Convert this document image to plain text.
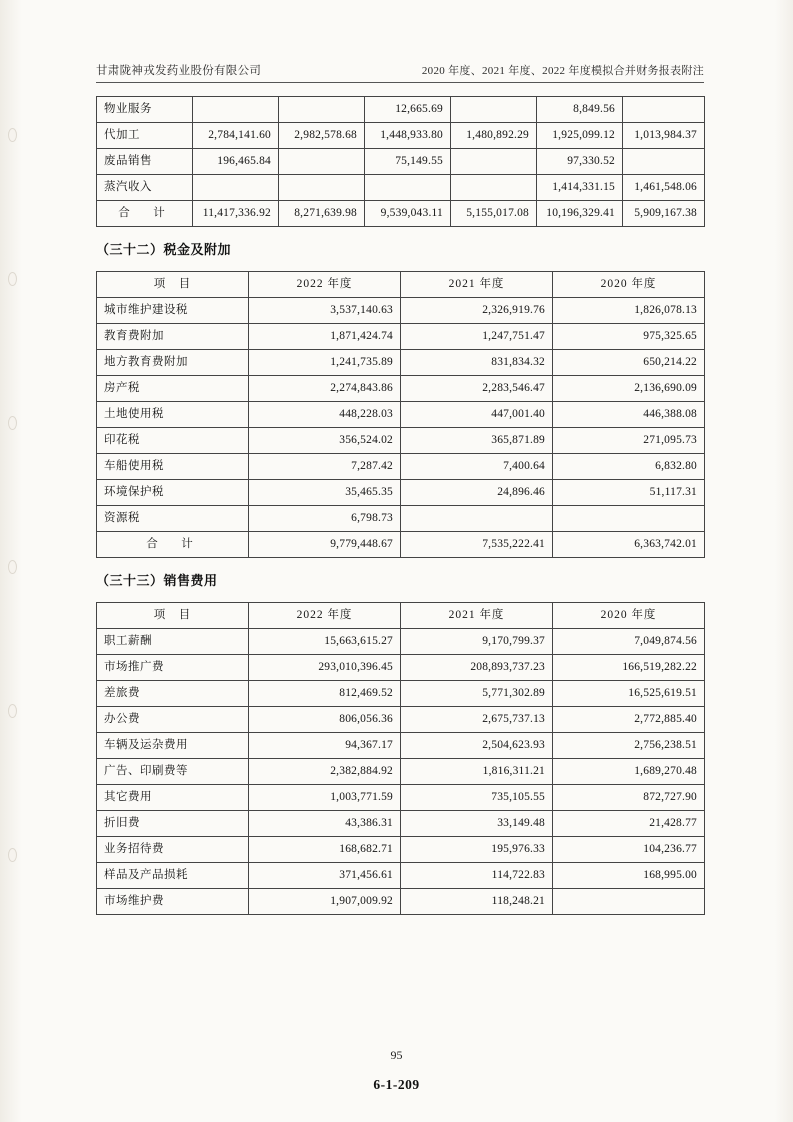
甘肃陇神戎发药业股份有限公司	2020 年度、2021 年度、2022 年度模拟合并财务报表附注
物业服务			12,665.69		8,849.56	
代加工	2,784,141.60	2,982,578.68	1,448,933.80	1,480,892.29	1,925,099.12	1,013,984.37
废品销售	196,465.84		75,149.55		97,330.52	
蒸汽收入					1,414,331.15	1,461,548.06
合　计	11,417,336.92	8,271,639.98	9,539,043.11	5,155,017.08	10,196,329.41	5,909,167.38
（三十二）税金及附加
项　目	2022 年度	2021 年度	2020 年度
城市维护建设税	3,537,140.63	2,326,919.76	1,826,078.13
教育费附加	1,871,424.74	1,247,751.47	975,325.65
地方教育费附加	1,241,735.89	831,834.32	650,214.22
房产税	2,274,843.86	2,283,546.47	2,136,690.09
土地使用税	448,228.03	447,001.40	446,388.08
印花税	356,524.02	365,871.89	271,095.73
车船使用税	7,287.42	7,400.64	6,832.80
环境保护税	35,465.35	24,896.46	51,117.31
资源税	6,798.73		
合　计	9,779,448.67	7,535,222.41	6,363,742.01
（三十三）销售费用
项　目	2022 年度	2021 年度	2020 年度
职工薪酬	15,663,615.27	9,170,799.37	7,049,874.56
市场推广费	293,010,396.45	208,893,737.23	166,519,282.22
差旅费	812,469.52	5,771,302.89	16,525,619.51
办公费	806,056.36	2,675,737.13	2,772,885.40
车辆及运杂费用	94,367.17	2,504,623.93	2,756,238.51
广告、印刷费等	2,382,884.92	1,816,311.21	1,689,270.48
其它费用	1,003,771.59	735,105.55	872,727.90
折旧费	43,386.31	33,149.48	21,428.77
业务招待费	168,682.71	195,976.33	104,236.77
样品及产品损耗	371,456.61	114,722.83	168,995.00
市场维护费	1,907,009.92	118,248.21	
95
6-1-209
